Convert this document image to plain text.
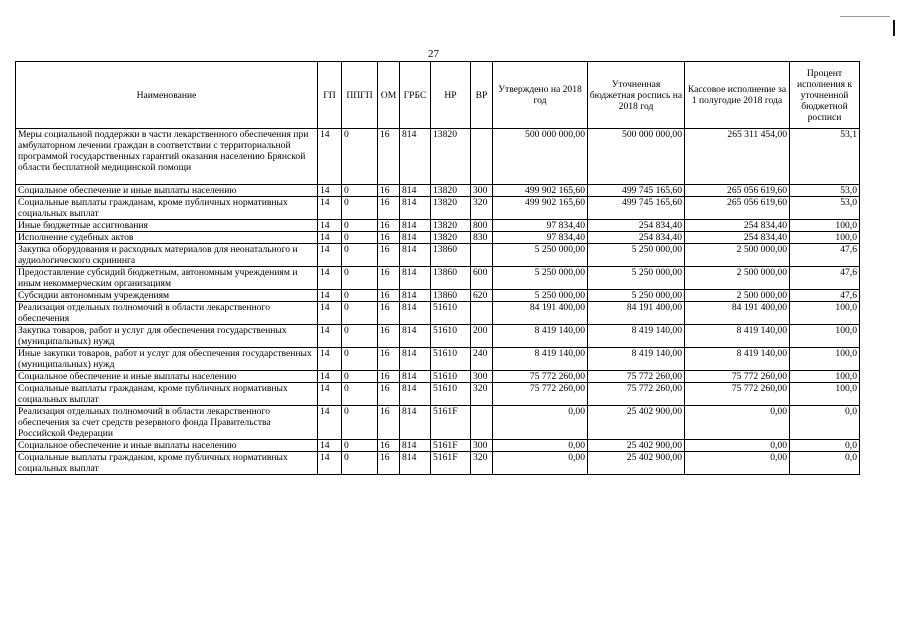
27
Наименование	ГП	ППГП	ОМ	ГРБС	НР	ВР	Утверждено на 2018 год	Уточненная бюджетная роспись на 2018 год	Кассовое исполнение за 1 полугодие 2018 года	Процент исполнения к уточненной бюджетной росписи
Меры социальной поддержки в части лекарственного обеспечения при амбулаторном лечении граждан в соответствии с территориальной программой государственных гарантий оказания населению Брянской области бесплатной медицинской помощи	14	0	16	814	13820		500 000 000,00	500 000 000,00	265 311 454,00	53,1
Социальное обеспечение и иные выплаты населению	14	0	16	814	13820	300	499 902 165,60	499 745 165,60	265 056 619,60	53,0
Социальные выплаты гражданам, кроме публичных нормативных социальных выплат	14	0	16	814	13820	320	499 902 165,60	499 745 165,60	265 056 619,60	53,0
Иные бюджетные ассигнования	14	0	16	814	13820	800	97 834,40	254 834,40	254 834,40	100,0
Исполнение судебных актов	14	0	16	814	13820	830	97 834,40	254 834,40	254 834,40	100,0
Закупка оборудования и расходных материалов для неонатального и аудиологического скрининга	14	0	16	814	13860		5 250 000,00	5 250 000,00	2 500 000,00	47,6
Предоставление субсидий бюджетным, автономным учреждениям и иным некоммерческим организациям	14	0	16	814	13860	600	5 250 000,00	5 250 000,00	2 500 000,00	47,6
Субсидии автономным учреждениям	14	0	16	814	13860	620	5 250 000,00	5 250 000,00	2 500 000,00	47,6
Реализация отдельных полномочий в области лекарственного обеспечения	14	0	16	814	51610		84 191 400,00	84 191 400,00	84 191 400,00	100,0
Закупка товаров, работ и услуг для обеспечения государственных (муниципальных) нужд	14	0	16	814	51610	200	8 419 140,00	8 419 140,00	8 419 140,00	100,0
Иные закупки товаров, работ и услуг для обеспечения государственных (муниципальных) нужд	14	0	16	814	51610	240	8 419 140,00	8 419 140,00	8 419 140,00	100,0
Социальное обеспечение и иные выплаты населению	14	0	16	814	51610	300	75 772 260,00	75 772 260,00	75 772 260,00	100,0
Социальные выплаты гражданам, кроме публичных нормативных социальных выплат	14	0	16	814	51610	320	75 772 260,00	75 772 260,00	75 772 260,00	100,0
Реализация отдельных полномочий в области лекарственного обеспечения за счет средств резервного фонда Правительства Российской Федерации	14	0	16	814	5161F		0,00	25 402 900,00	0,00	0,0
Социальное обеспечение и иные выплаты населению	14	0	16	814	5161F	300	0,00	25 402 900,00	0,00	0,0
Социальные выплаты гражданам, кроме публичных нормативных социальных выплат	14	0	16	814	5161F	320	0,00	25 402 900,00	0,00	0,0
